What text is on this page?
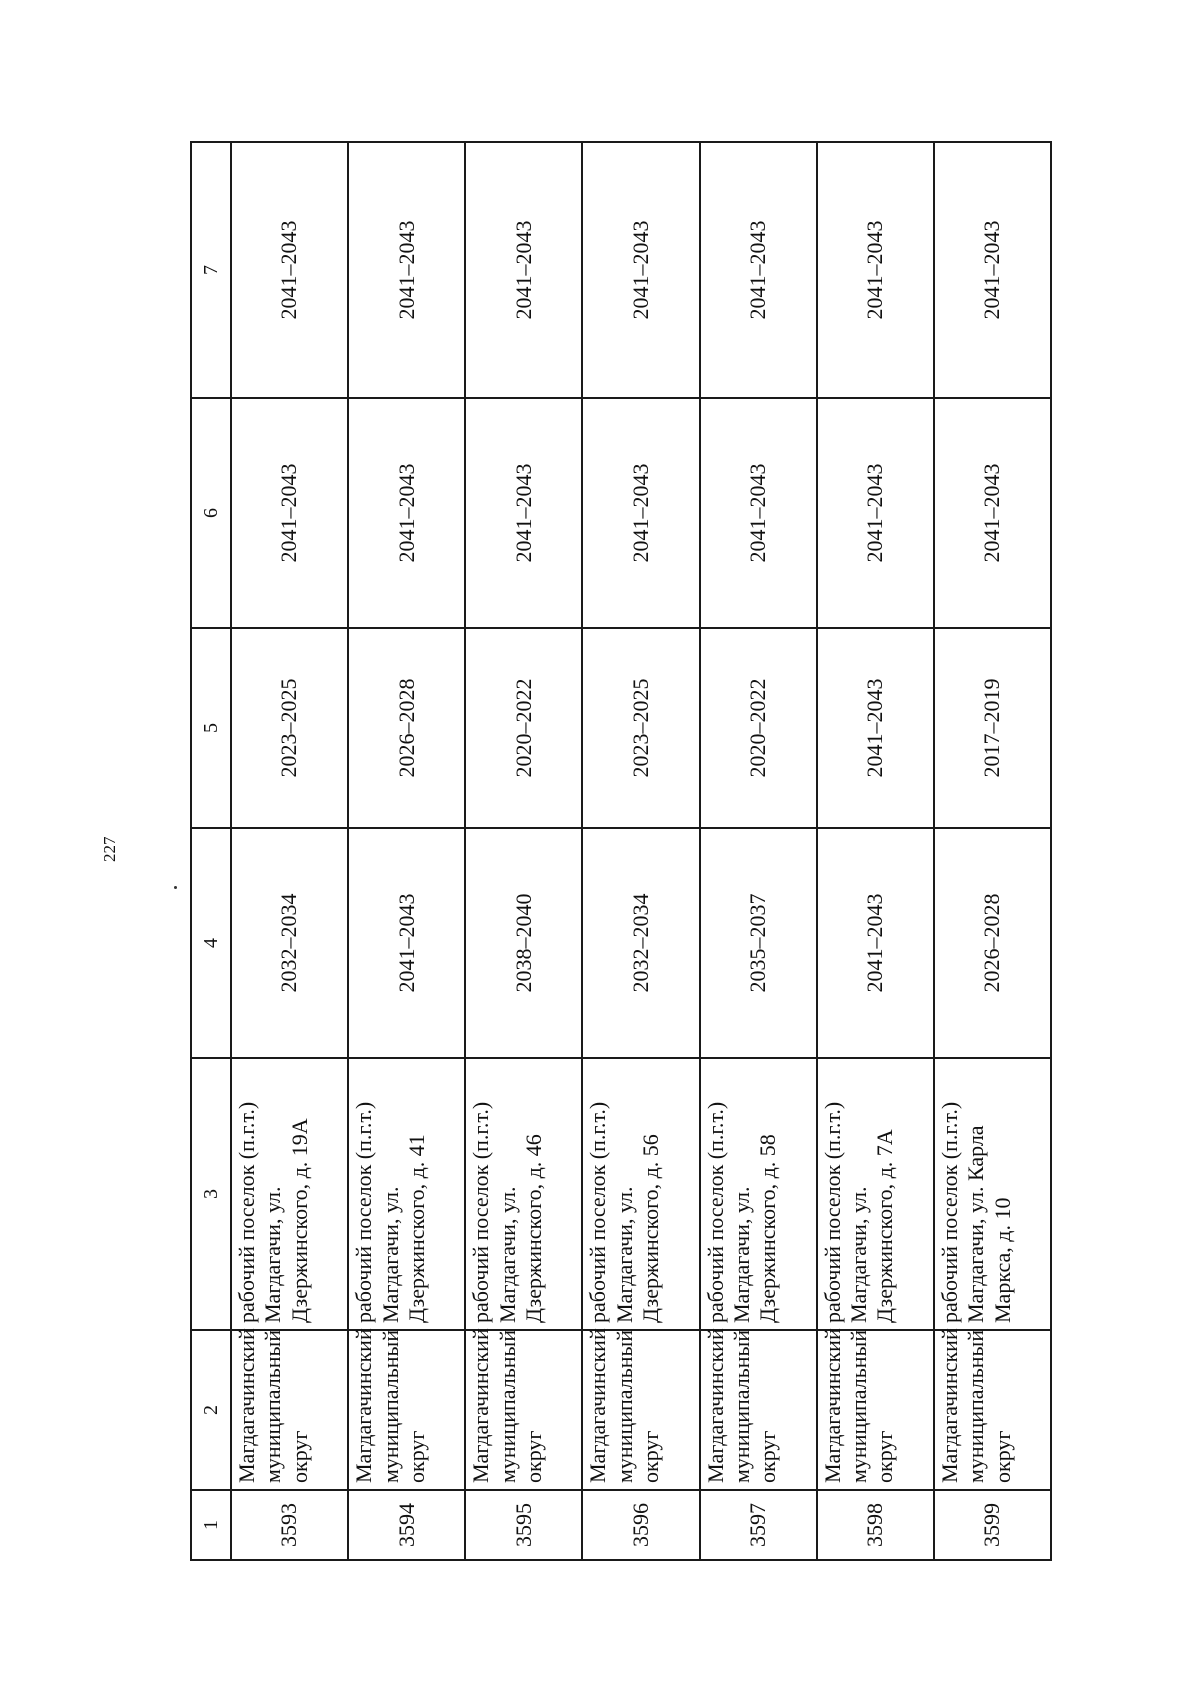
227
1	2	3	4	5	6	7
3593	Магдагачинский муниципальный округ	рабочий поселок (п.г.т.) Магдагачи, ул. Дзержинского, д. 19А	2032–2034	2023–2025	2041–2043	2041–2043
3594	Магдагачинский муниципальный округ	рабочий поселок (п.г.т.) Магдагачи, ул. Дзержинского, д. 41	2041–2043	2026–2028	2041–2043	2041–2043
3595	Магдагачинский муниципальный округ	рабочий поселок (п.г.т.) Магдагачи, ул. Дзержинского, д. 46	2038–2040	2020–2022	2041–2043	2041–2043
3596	Магдагачинский муниципальный округ	рабочий поселок (п.г.т.) Магдагачи, ул. Дзержинского, д. 56	2032–2034	2023–2025	2041–2043	2041–2043
3597	Магдагачинский муниципальный округ	рабочий поселок (п.г.т.) Магдагачи, ул. Дзержинского, д. 58	2035–2037	2020–2022	2041–2043	2041–2043
3598	Магдагачинский муниципальный округ	рабочий поселок (п.г.т.) Магдагачи, ул. Дзержинского, д. 7А	2041–2043	2041–2043	2041–2043	2041–2043
3599	Магдагачинский муниципальный округ	рабочий поселок (п.г.т.) Магдагачи, ул. Карла Маркса, д. 10	2026–2028	2017–2019	2041–2043	2041–2043
